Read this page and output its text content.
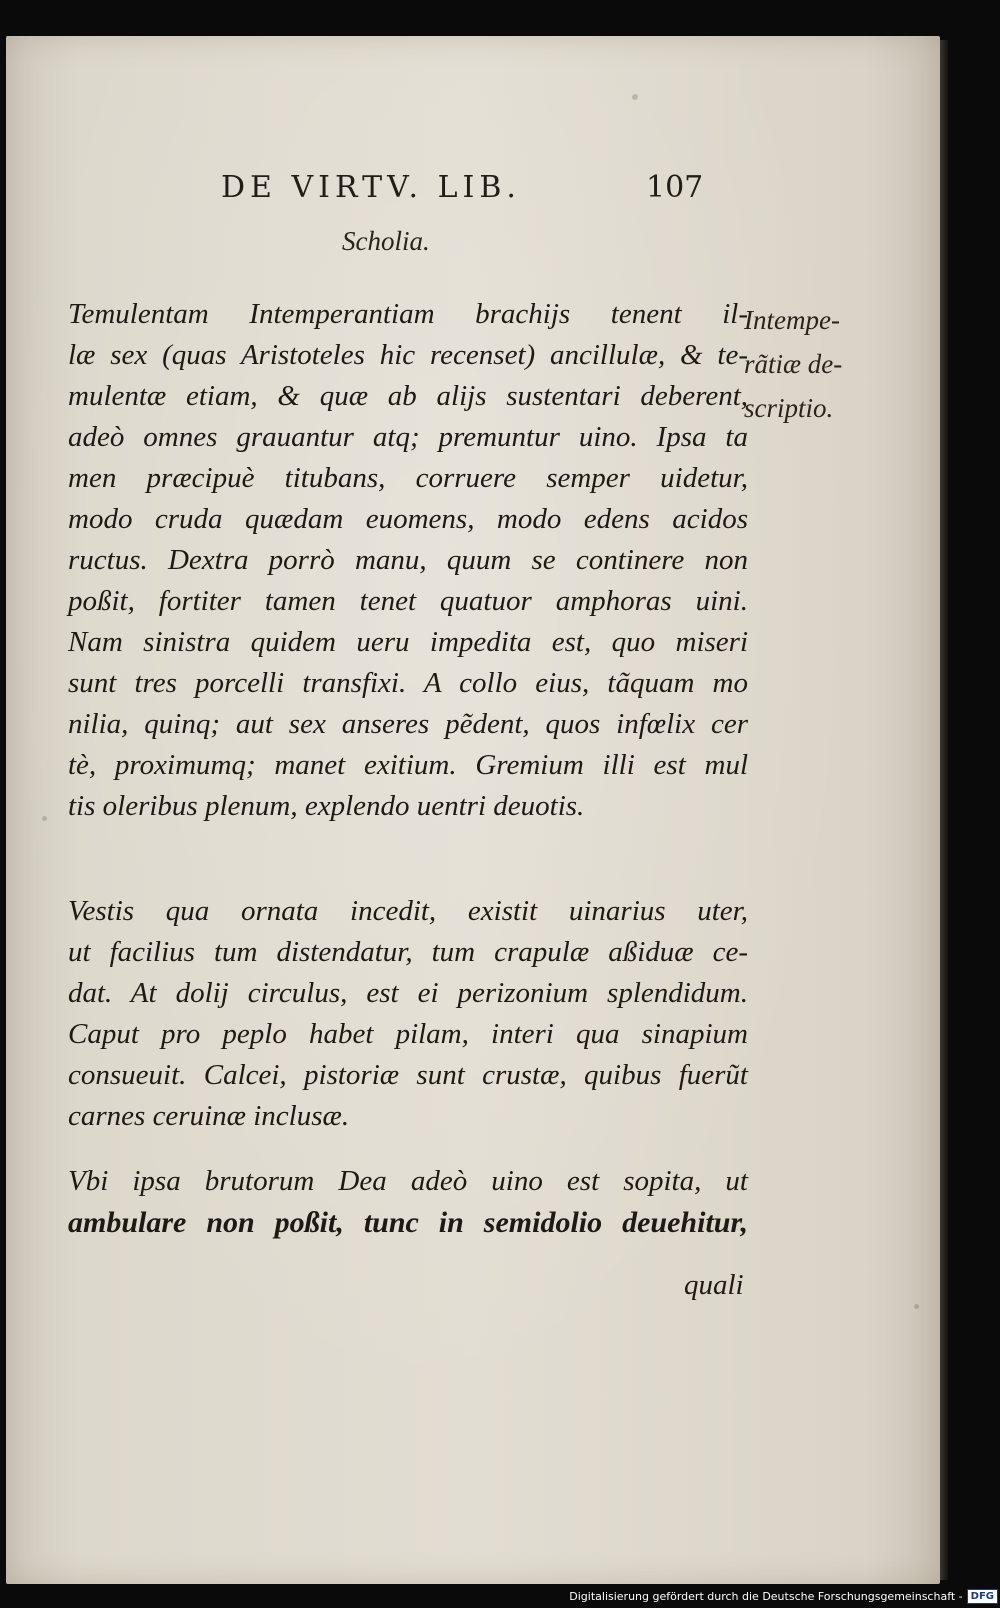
DE VIRTV. LIB.	107
Scholia.
Temulentam Intemperantiam brachijs tenent il-
læ sex (quas Aristoteles hic recenset) ancillulæ, & te-
mulentæ etiam, & quæ ab alijs sustentari deberent,
adeò omnes grauantur atq; premuntur uino. Ipsa ta
men præcipuè titubans, corruere semper uidetur,
modo cruda quædam euomens, modo edens acidos
ructus. Dextra porrò manu, quum se continere non
poßit, fortiter tamen tenet quatuor amphoras uini.
Nam sinistra quidem ueru impedita est, quo miseri
sunt tres porcelli transfixi. A collo eius, tãquam mo
nilia, quinq; aut sex anseres pẽdent, quos infœlix cer
tè, proximumq; manet exitium. Gremium illi est mul
tis oleribus plenum, explendo uentri deuotis.
Vestis qua ornata incedit, existit uinarius uter,
ut facilius tum distendatur, tum crapulæ aßiduæ ce-
dat. At dolij circulus, est ei perizonium splendidum.
Caput pro peplo habet pilam, interi qua sinapium
consueuit. Calcei, pistoriæ sunt crustæ, quibus fuerũt
carnes ceruinæ inclusæ.
Vbi ipsa brutorum Dea adeò uino est sopita, ut
ambulare non poßit, tunc in semidolio deuehitur,
quali
Intempe-
rãtiæ de-
scriptio.
Digitalisierung gefördert durch die Deutsche Forschungsgemeinschaft - DFG
